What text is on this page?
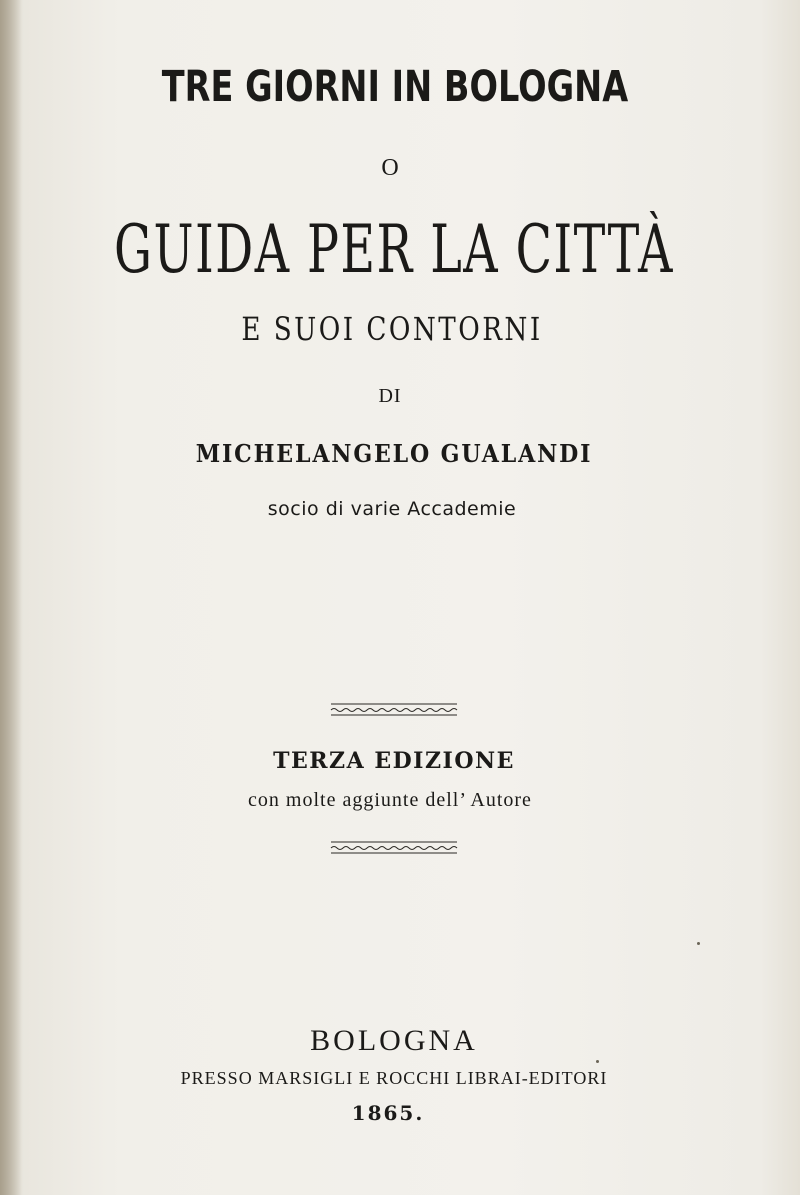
TRE GIORNI IN BOLOGNA
O
GUIDA PER LA CITTÀ
E SUOI CONTORNI
DI
MICHELANGELO GUALANDI
socio di varie Accademie
TERZA EDIZIONE
con molte aggiunte dell’ Autore
BOLOGNA
PRESSO MARSIGLI E ROCCHI LIBRAI-EDITORI
1865.
